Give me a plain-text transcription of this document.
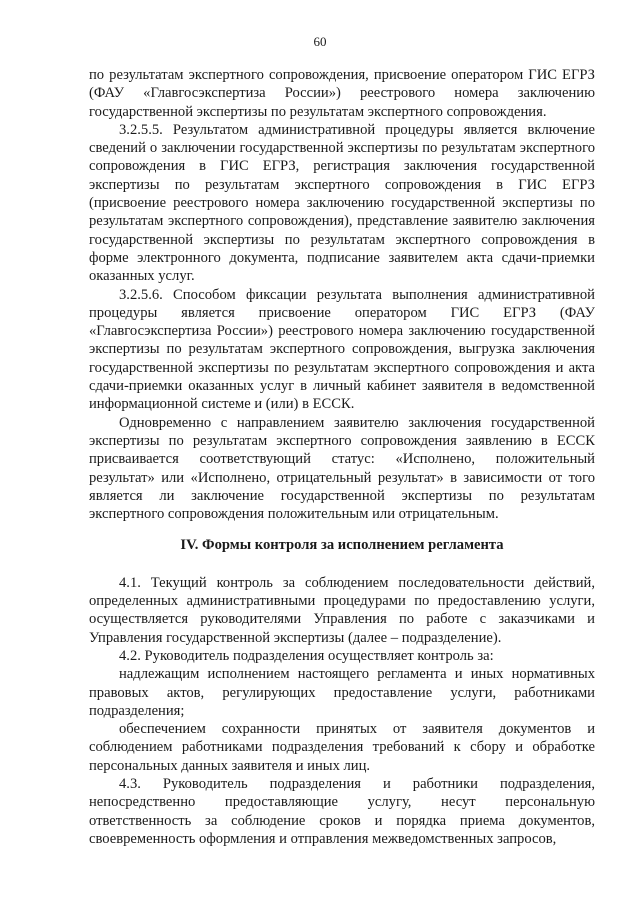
60

по результатам экспертного сопровождения, присвоение оператором ГИС ЕГРЗ (ФАУ «Главгосэкспертиза России») реестрового номера заключению государственной экспертизы по результатам экспертного сопровождения.

3.2.5.5. Результатом административной процедуры является включение сведений о заключении государственной экспертизы по результатам экспертного сопровождения в ГИС ЕГРЗ, регистрация заключения государственной экспертизы по результатам экспертного сопровождения в ГИС ЕГРЗ (присвоение реестрового номера заключению государственной экспертизы по результатам экспертного сопровождения), представление заявителю заключения государственной экспертизы по результатам экспертного сопровождения в форме электронного документа, подписание заявителем акта сдачи-приемки оказанных услуг.

3.2.5.6. Способом фиксации результата выполнения административной процедуры является присвоение оператором ГИС ЕГРЗ (ФАУ «Главгосэкспертиза России») реестрового номера заключению государственной экспертизы по результатам экспертного сопровождения, выгрузка заключения государственной экспертизы по результатам экспертного сопровождения и акта сдачи-приемки оказанных услуг в личный кабинет заявителя в ведомственной информационной системе и (или) в ЕССК.

Одновременно с направлением заявителю заключения государственной экспертизы по результатам экспертного сопровождения заявлению в ЕССК присваивается соответствующий статус: «Исполнено, положительный результат» или «Исполнено, отрицательный результат» в зависимости от того является ли заключение государственной экспертизы по результатам экспертного сопровождения положительным или отрицательным.

IV. Формы контроля за исполнением регламента

4.1. Текущий контроль за соблюдением последовательности действий, определенных административными процедурами по предоставлению услуги, осуществляется руководителями Управления по работе с заказчиками и Управления государственной экспертизы (далее – подразделение).

4.2. Руководитель подразделения осуществляет контроль за:

надлежащим исполнением настоящего регламента и иных нормативных правовых актов, регулирующих предоставление услуги, работниками подразделения;

обеспечением сохранности принятых от заявителя документов и соблюдением работниками подразделения требований к сбору и обработке персональных данных заявителя и иных лиц.

4.3. Руководитель подразделения и работники подразделения, непосредственно предоставляющие услугу, несут персональную ответственность за соблюдение сроков и порядка приема документов, своевременность оформления и отправления межведомственных запросов,
